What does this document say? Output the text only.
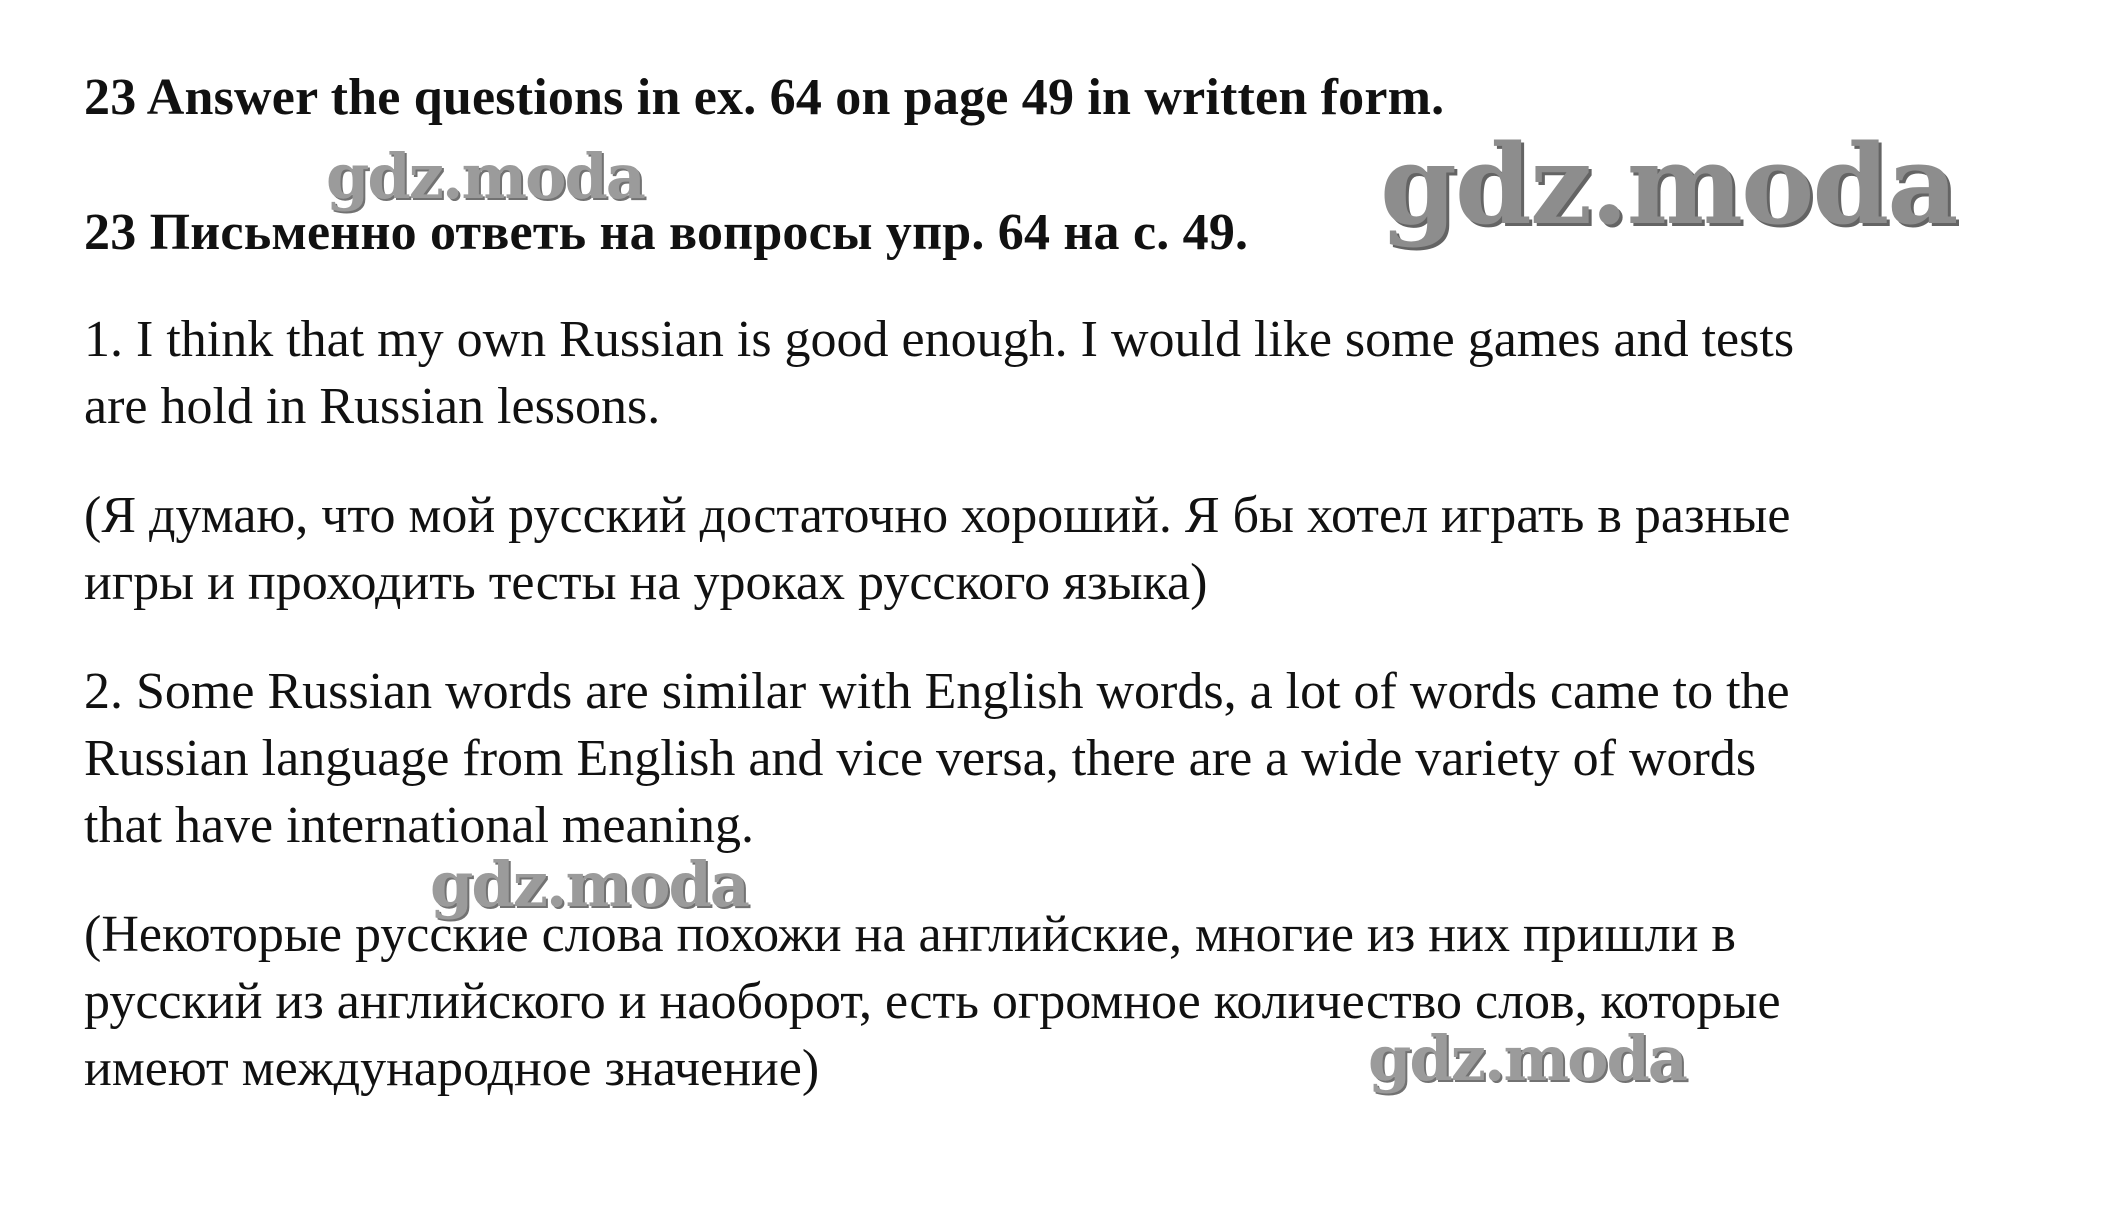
23 Answer the questions in ex. 64 on page 49 in written form.

23 Письменно ответь на вопросы упр. 64 на с. 49.

1. I think that my own Russian is good enough. I would like some games and tests

are hold in Russian lessons.

(Я думаю, что мой русский достаточно хороший. Я бы хотел играть в разные

игры и проходить тесты на уроках русского языка)

2. Some Russian words are similar with English words, a lot of words came to the

Russian language from English and vice versa, there are a wide variety of words

that have international meaning.

(Некоторые русские слова похожи на английские, многие из них пришли в

русский из английского и наоборот, есть огромное количество слов, которые

имеют международное значение)

gdz.moda	gdz.moda
gdz.moda
gdz.moda
